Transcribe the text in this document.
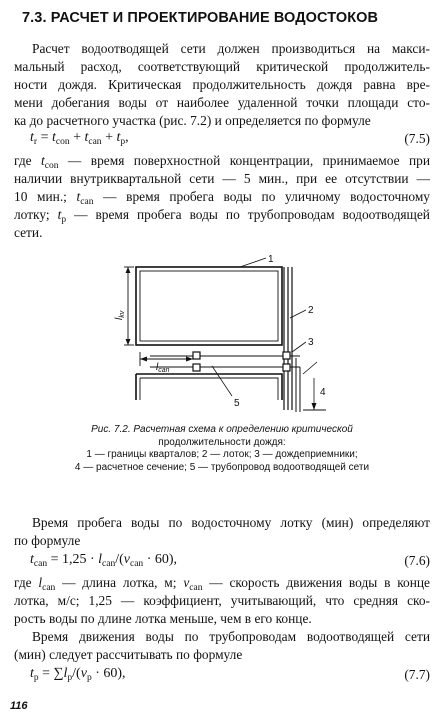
7.3. РАСЧЕТ И ПРОЕКТИРОВАНИЕ ВОДОСТОКОВ
Расчет водоотводящей сети должен производиться на макси-
мальный расход, соответствующий критической продолжитель-
ности дождя. Критическая продолжительность дождя равна вре-
мени добегания воды от наиболее удаленной точки площади сто-
ка до расчетного участка (рис. 7.2) и определяется по формуле
$t_r = t_{con} + t_{can} + t_p$,	(7.5)
где $t_{con}$ — время поверхностной концентрации, принимаемое при
наличии внутриквартальной сети — 5 мин., при ее отсутствии —
10 мин.; $t_{can}$ — время пробега воды по уличному водосточному
лотку; $t_p$ — время пробега воды по трубопроводам водоотводящей
сети.
1
2
3
4
5
$l_{kv}$
$l_{can}$
Рис. 7.2. Расчетная схема к определению критической
продолжительности дождя:
1 — границы кварталов; 2 — лоток; 3 — дождеприемники;
4 — расчетное сечение; 5 — трубопровод водоотводящей сети
Время пробега воды по водосточному лотку (мин) определяют
по формуле
$t_{can} = 1,25 \cdot l_{can}/(v_{can} \cdot 60)$,	(7.6)
где $l_{can}$ — длина лотка, м; $v_{can}$ — скорость движения воды в конце
лотка, м/с; 1,25 — коэффициент, учитывающий, что средняя ско-
рость воды по длине лотка меньше, чем в его конце.
Время движения воды по трубопроводам водоотводящей сети
(мин) следует рассчитывать по формуле
$t_p = \sum l_p/(v_p \cdot 60)$,	(7.7)
116
